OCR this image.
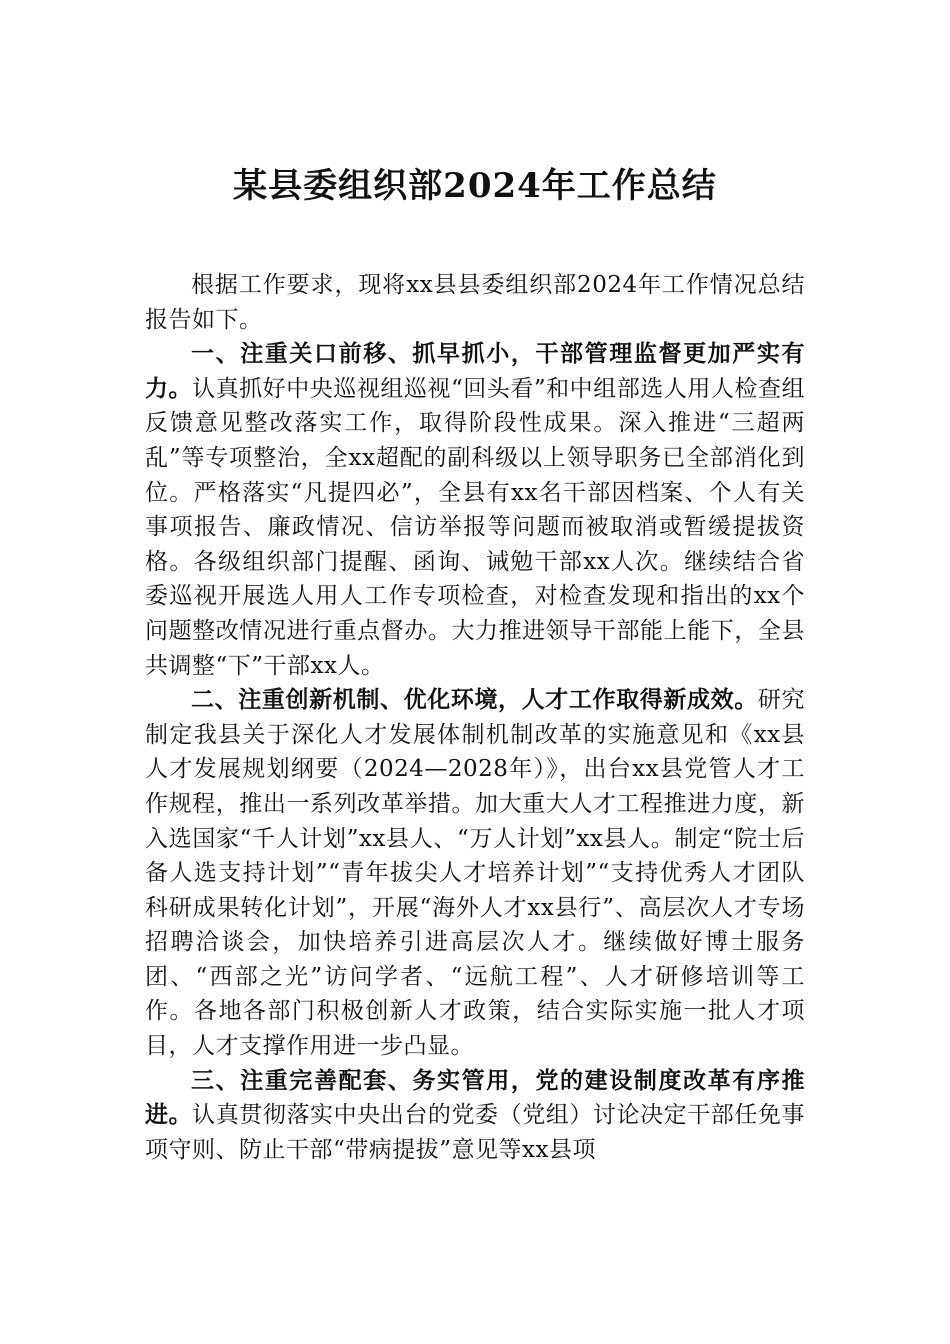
某县委组织部2024年工作总结

根据工作要求，现将xx县县委组织部2024年工作情况总结报告如下。

一、注重关口前移、抓早抓小，干部管理监督更加严实有力。认真抓好中央巡视组巡视“回头看”和中组部选人用人检查组反馈意见整改落实工作，取得阶段性成果。深入推进“三超两乱”等专项整治，全xx超配的副科级以上领导职务已全部消化到位。严格落实“凡提四必”，全县有xx名干部因档案、个人有关事项报告、廉政情况、信访举报等问题而被取消或暂缓提拔资格。各级组织部门提醒、函询、诫勉干部xx人次。继续结合省委巡视开展选人用人工作专项检查，对检查发现和指出的xx个问题整改情况进行重点督办。大力推进领导干部能上能下，全县共调整“下”干部xx人。

二、注重创新机制、优化环境，人才工作取得新成效。研究制定我县关于深化人才发展体制机制改革的实施意见和《xx县人才发展规划纲要（2024—2028年）》，出台xx县党管人才工作规程，推出一系列改革举措。加大重大人才工程推进力度，新入选国家“千人计划”xx县人、“万人计划”xx县人。制定“院士后备人选支持计划”“青年拔尖人才培养计划”“支持优秀人才团队科研成果转化计划”，开展“海外人才xx县行”、高层次人才专场招聘洽谈会，加快培养引进高层次人才。继续做好博士服务团、“西部之光”访问学者、“远航工程”、人才研修培训等工作。各地各部门积极创新人才政策，结合实际实施一批人才项目，人才支撑作用进一步凸显。

三、注重完善配套、务实管用，党的建设制度改革有序推进。认真贯彻落实中央出台的党委（党组）讨论决定干部任免事项守则、防止干部“带病提拔”意见等xx县项
